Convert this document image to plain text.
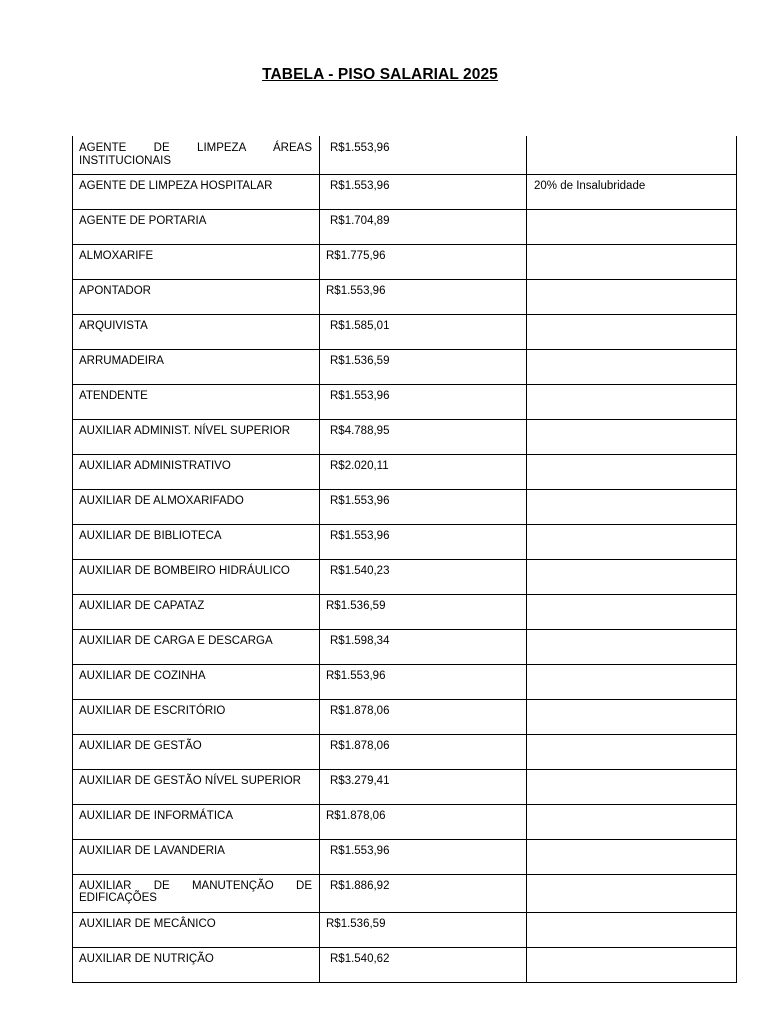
TABELA - PISO SALARIAL 2025
AGENTE DE LIMPEZA ÁREAS INSTITUCIONAIS	R$1.553,96	
AGENTE DE LIMPEZA HOSPITALAR	R$1.553,96	20% de Insalubridade
AGENTE DE PORTARIA	R$1.704,89	
ALMOXARIFE	R$1.775,96	
APONTADOR	R$1.553,96	
ARQUIVISTA	R$1.585,01	
ARRUMADEIRA	R$1.536,59	
ATENDENTE	R$1.553,96	
AUXILIAR ADMINIST. NÍVEL SUPERIOR	R$4.788,95	
AUXILIAR ADMINISTRATIVO	R$2.020,11	
AUXILIAR DE ALMOXARIFADO	R$1.553,96	
AUXILIAR DE BIBLIOTECA	R$1.553,96	
AUXILIAR DE BOMBEIRO HIDRÁULICO	R$1.540,23	
AUXILIAR DE CAPATAZ	R$1.536,59	
AUXILIAR DE CARGA E DESCARGA	R$1.598,34	
AUXILIAR DE COZINHA	R$1.553,96	
AUXILIAR DE ESCRITÓRIO	R$1.878,06	
AUXILIAR DE GESTÃO	R$1.878,06	
AUXILIAR DE GESTÃO NÍVEL SUPERIOR	R$3.279,41	
AUXILIAR DE INFORMÁTICA	R$1.878,06	
AUXILIAR DE LAVANDERIA	R$1.553,96	
AUXILIAR DE MANUTENÇÃO DE EDIFICAÇÕES	R$1.886,92	
AUXILIAR DE MECÂNICO	R$1.536,59	
AUXILIAR DE NUTRIÇÃO	R$1.540,62	
